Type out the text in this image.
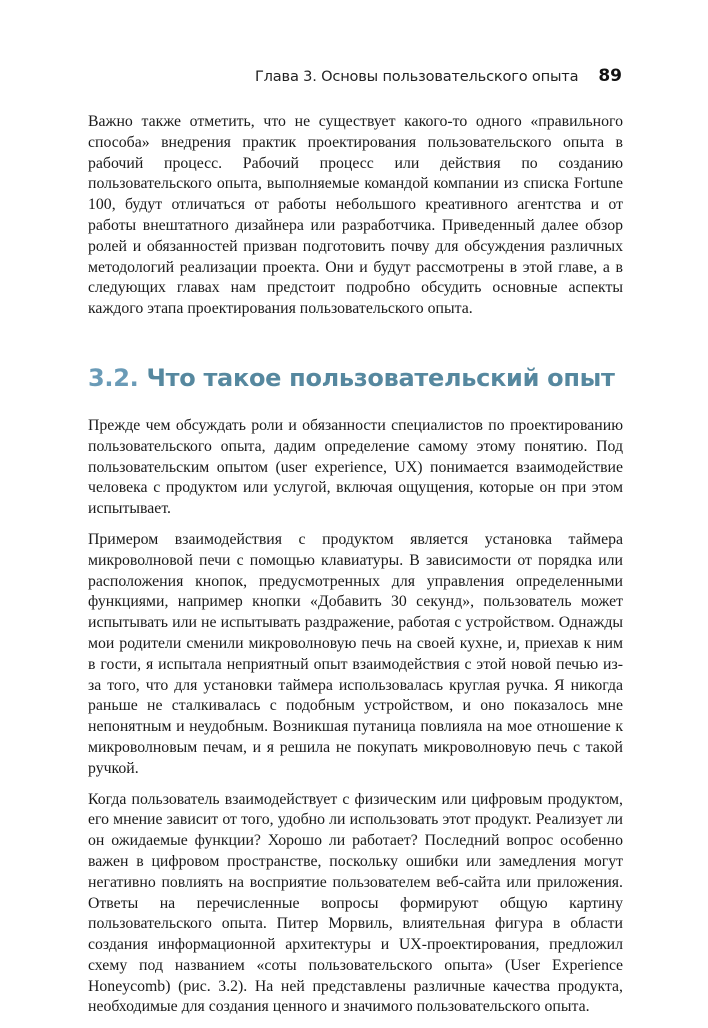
Глава 3. Основы пользовательского опыта 89

Важно также отметить, что не существует какого-то одного «правильного способа» внедрения практик проектирования пользовательского опыта в рабочий процесс. Рабочий процесс или действия по созданию пользовательского опыта, выполняемые командой компании из списка Fortune 100, будут отличаться от работы небольшого креативного агентства и от работы внештатного дизайнера или разработчика. Приведенный далее обзор ролей и обязанностей призван подготовить почву для обсуждения различных методологий реализации проекта. Они и будут рассмотрены в этой главе, а в следующих главах нам предстоит подробно обсудить основные аспекты каждого этапа проектирования пользовательского опыта.

3.2. Что такое пользовательский опыт

Прежде чем обсуждать роли и обязанности специалистов по проектированию пользовательского опыта, дадим определение самому этому понятию. Под пользовательским опытом (user experience, UX) понимается взаимодействие человека с продуктом или услугой, включая ощущения, которые он при этом испытывает.

Примером взаимодействия с продуктом является установка таймера микроволновой печи с помощью клавиатуры. В зависимости от порядка или расположения кнопок, предусмотренных для управления определенными функциями, например кнопки «Добавить 30 секунд», пользователь может испытывать или не испытывать раздражение, работая с устройством. Однажды мои родители сменили микроволновую печь на своей кухне, и, приехав к ним в гости, я испытала неприятный опыт взаимодействия с этой новой печью из-за того, что для установки таймера использовалась круглая ручка. Я никогда раньше не сталкивалась с подобным устройством, и оно показалось мне непонятным и неудобным. Возникшая путаница повлияла на мое отношение к микроволновым печам, и я решила не покупать микроволновую печь с такой ручкой.

Когда пользователь взаимодействует с физическим или цифровым продуктом, его мнение зависит от того, удобно ли использовать этот продукт. Реализует ли он ожидаемые функции? Хорошо ли работает? Последний вопрос особенно важен в цифровом пространстве, поскольку ошибки или замедления могут негативно повлиять на восприятие пользователем веб-сайта или приложения. Ответы на перечисленные вопросы формируют общую картину пользовательского опыта. Питер Морвиль, влиятельная фигура в области создания информационной архитектуры и UX-проектирования, предложил схему под названием «соты пользовательского опыта» (User Experience Honeycomb) (рис. 3.2). На ней представлены различные качества продукта, необходимые для создания ценного и значимого пользовательского опыта.
